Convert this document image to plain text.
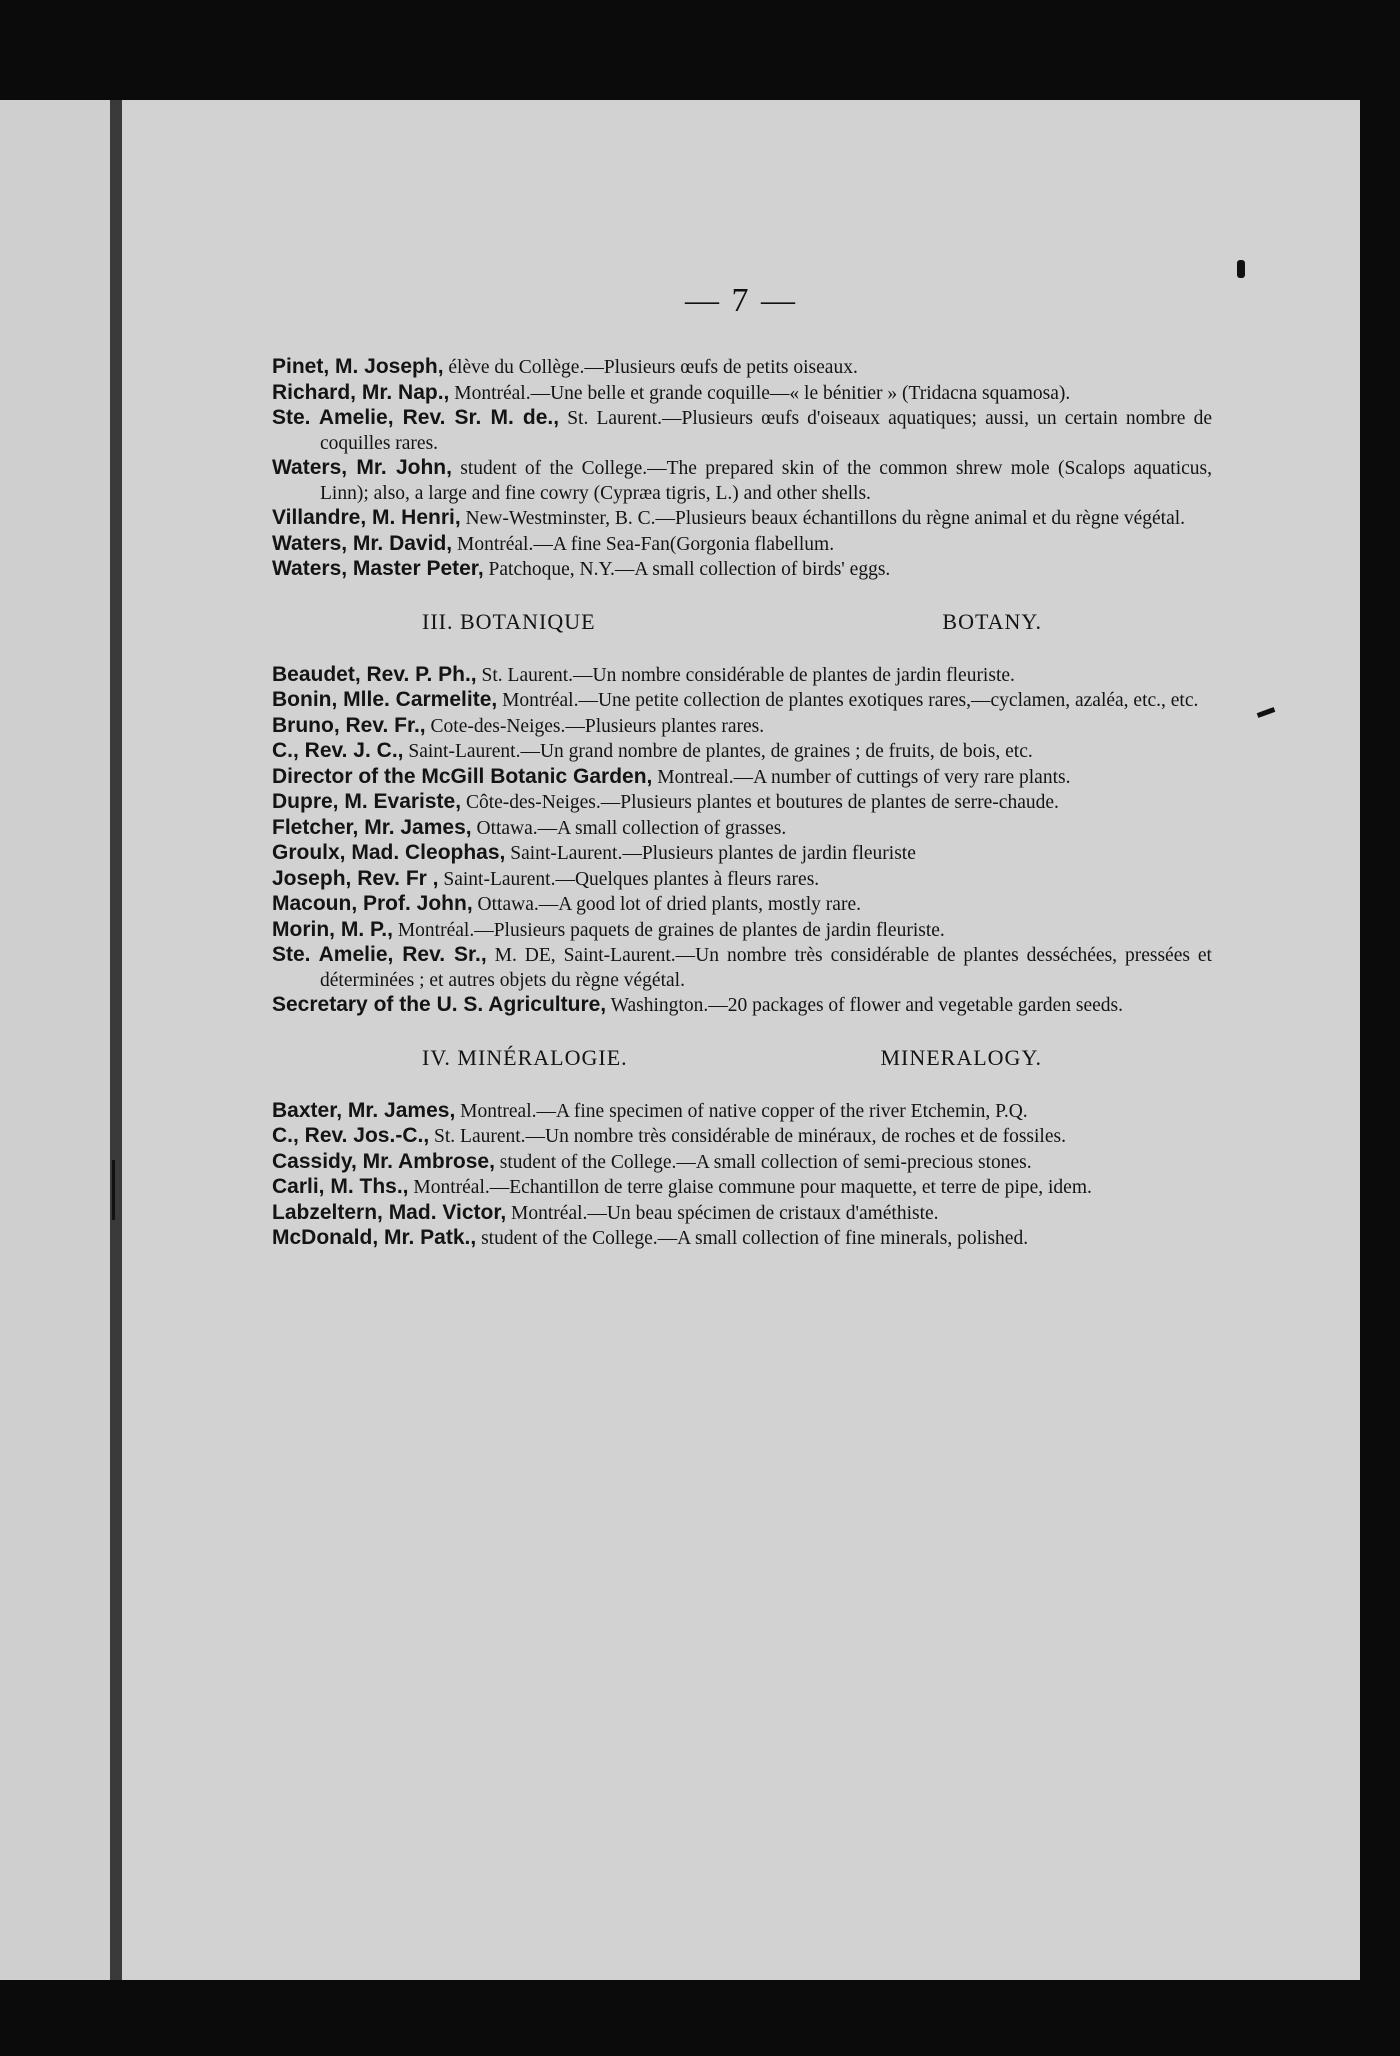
— 7 —
Pinet, M. Joseph, élève du Collège.—Plusieurs œufs de petits oiseaux.
Richard, Mr. Nap., Montréal.—Une belle et grande coquille—« le bénitier » (Tridacna squamosa).
Ste. Amelie, Rev. Sr. M. de., St. Laurent.—Plusieurs œufs d'oiseaux aquatiques; aussi, un certain nombre de coquilles rares.
Waters, Mr. John, student of the College.—The prepared skin of the common shrew mole (Scalops aquaticus, Linn); also, a large and fine cowry (Cypræa tigris, L.) and other shells.
Villandre, M. Henri, New-Westminster, B. C.—Plusieurs beaux échantillons du règne animal et du règne végétal.
Waters, Mr. David, Montréal.—A fine Sea-Fan(Gorgonia flabellum.
Waters, Master Peter, Patchoque, N.Y.—A small collection of birds' eggs.
III. BOTANIQUE	BOTANY.
Beaudet, Rev. P. Ph., St. Laurent.—Un nombre considérable de plantes de jardin fleuriste.
Bonin, Mlle. Carmelite, Montréal.—Une petite collection de plantes exotiques rares,—cyclamen, azaléa, etc., etc.
Bruno, Rev. Fr., Cote-des-Neiges.—Plusieurs plantes rares.
C., Rev. J. C., Saint-Laurent.—Un grand nombre de plantes, de graines ; de fruits, de bois, etc.
Director of the McGill Botanic Garden, Montreal.—A number of cuttings of very rare plants.
Dupre, M. Evariste, Côte-des-Neiges.—Plusieurs plantes et boutures de plantes de serre-chaude.
Fletcher, Mr. James, Ottawa.—A small collection of grasses.
Groulx, Mad. Cleophas, Saint-Laurent.—Plusieurs plantes de jardin fleuriste
Joseph, Rev. Fr , Saint-Laurent.—Quelques plantes à fleurs rares.
Macoun, Prof. John, Ottawa.—A good lot of dried plants, mostly rare.
Morin, M. P., Montréal.—Plusieurs paquets de graines de plantes de jardin fleuriste.
Ste. Amelie, Rev. Sr., M. DE, Saint-Laurent.—Un nombre très considérable de plantes desséchées, pressées et déterminées ; et autres objets du règne végétal.
Secretary of the U. S. Agriculture, Washington.—20 packages of flower and vegetable garden seeds.
IV. MINÉRALOGIE.	MINERALOGY.
Baxter, Mr. James, Montreal.—A fine specimen of native copper of the river Etchemin, P.Q.
C., Rev. Jos.-C., St. Laurent.—Un nombre très considérable de minéraux, de roches et de fossiles.
Cassidy, Mr. Ambrose, student of the College.—A small collection of semi-precious stones.
Carli, M. Ths., Montréal.—Echantillon de terre glaise commune pour maquette, et terre de pipe, idem.
Labzeltern, Mad. Victor, Montréal.—Un beau spécimen de cristaux d'améthiste.
McDonald, Mr. Patk., student of the College.—A small collection of fine minerals, polished.
